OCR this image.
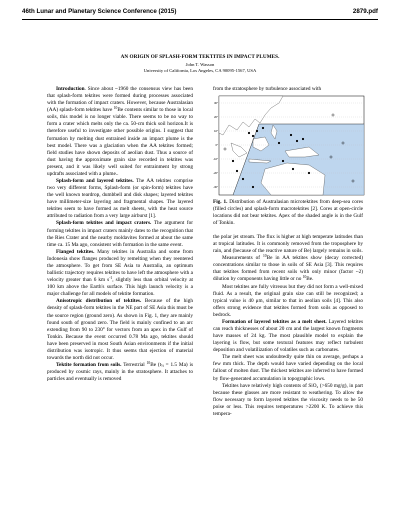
46th Lunar and Planetary Science Conference (2015)	2879.pdf
AN ORIGIN OF SPLASH-FORM TEKTITES IN IMPACT PLUMES.
John T. Wasson
University of California, Los Angeles, CA 90095-1567, USA

Introduction. Since about ~1960 the consensus view has been that splash-form tektites were formed during processes associated with the formation of impact craters. However, because Australasian (AA) splash-form tektites have $^{10}$Be contents similar to those in local soils, this model is no longer viable. There seems to be no way to form a crater which melts only the ca. 50-cm thick soil horizon.It is therefore useful to investigate other possible origins. I suggest that formation by melting dust entrained inside an impact plume is the best model. There was a glaciation when the AA tektites formed; field studies have shown deposits of aeolian dust. Thus a source of dust having the approximate grain size recorded in tektites was present, and it was likely well suited for entrainment by strong updrafts associated with a plume..

Splash-form and layered tektites. The AA tektites comprise two very different forms, Splash-form (or spin-form) tektites have the well known teardrop, dumbbell and disk shapes; layered tektites have millimeter-size layering and fragmental shapes. The layered tektites seem to have formed as melt sheets, with the heat source attributed to radiation from a very large airburst [1].

Splash-form tektites and impact craters. The argument for forming tektites in impact craters mainly dates to the recognition that the Ries Crater and the nearby moldavites formed at about the same time ca. 15 Ma ago, consistent with formation in the same event.

Flanged tektites. Many tektites in Australia and some from Indonesia show flanges produced by remelting when they reentered the atmosphere. To get from SE Asia to Australia, an optimum ballistic trajectory requires tektites to have left the atmosphere with a velocity greater than 6 km $s^{-1}$, slightly less than orbital velocity at 100 km above the Earth's surface. This high launch velocity is a major challenge for all models of tektite formation.

Anisotropic distribution of tektites. Because of the high density of splash-form tektites in the NE part of SE Asia this must be the source region (ground zero). As shown in Fig. 1, they are mainly found south of ground zero. The field is mainly confined to an arc extending from 90 to 230° for vectors from an apex in the Gulf of Tonkin. Because the event occurred 0.78 Ma ago, tektites should have been preserved in most South Asian environments if the initial distribution was isotropic. It thus seems that ejection of material towards the north did not occur.

Tektite formation from soils. Terrestrial $^{10}$Be ($t_{\frac{1}{2}} = 1.5$ Ma) is produced by cosmic rays, mainly in the stratosphere. It attaches to particles and eventually is removed

from the stratosphere by turbulence associated with

30°
20°
10°
0°
-10°
-20°
-30°
Fig. 1. Distribution of Australasian microtektites from deep-sea cores (filled circles) and splash-form macrotektites [2]. Cores at open-circle locations did not bear tektites. Apex of the shaded angle is in the Gulf of Tonkin.

the polar jet stream. The flux is higher at high temperate latitudes than at tropical latitudes. It is commonly removed from the troposphere by rain, and (because of the reactive nature of Be) largely remains in soils.

Measurements of $^{10}$Be in AA tektites show (decay corrected) concentrations similar to those in soils of SE Asia [3]. This requires that tektites formed from recent soils with only minor (factor ~2) dilution by components having little or no $^{10}$Be.

Most tektites are fully vitreous but they did not form a well-mixed fluid. As a result, the original grain size can still be recognized; a typical value is 40 μm, similar to that in aeolian soils [4]. This also offers strong evidence that tektites formed from soils as opposed to bedrock.

Formation of layered tektites as a melt sheet. Layered tektites can reach thicknesses of about 20 cm and the largest known fragments have masses of 24 kg. The most plausible model to explain the layering is flow, but some textural features may reflect turbulent deposition and volatilization of volatiles such as carbonates.

The melt sheet was undoubtedly quite thin on average, perhaps a few mm thick. The depth would have varied depending on the local fallout of molten dust. The thickest tektites are inferred to have formed by flow-generated accumulation in topographic lows.

Tektites have relatively high contents of SiO₂ (>650 mg/g), in part because these glasses are more resistant to weathering. To allow the flow necessary to form layered tektites the viscosity needs to be 50 poise or less. This requires temperatures >2200 K. To achieve this tempera-
